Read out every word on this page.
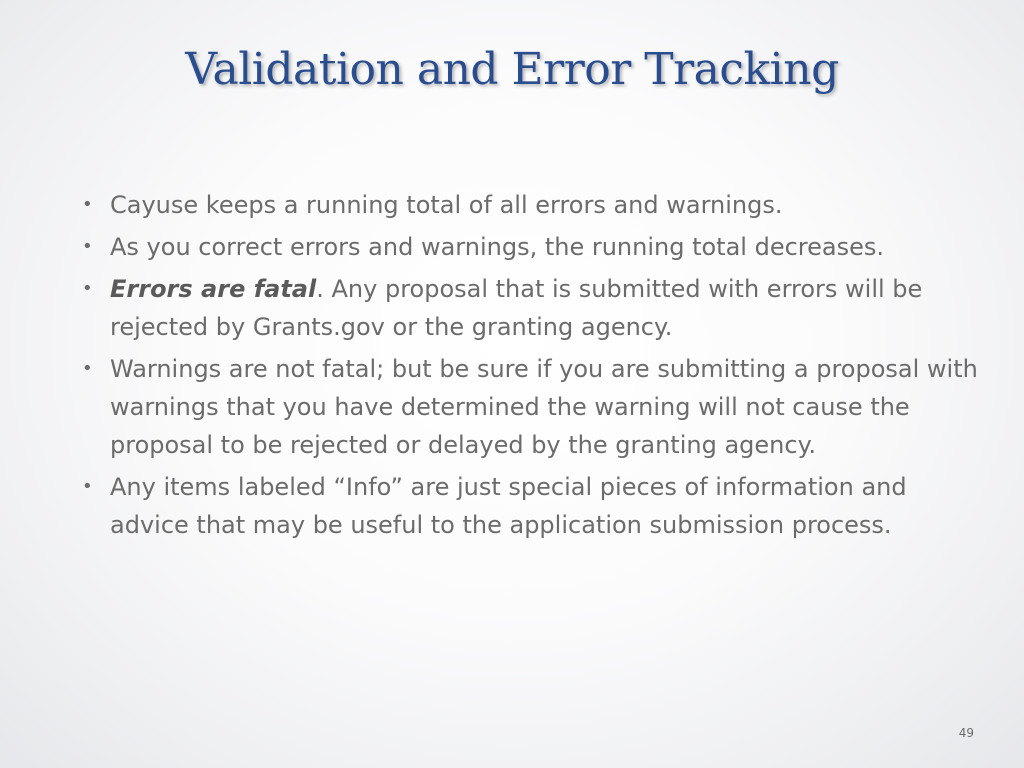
Validation and Error Tracking
• Cayuse keeps a running total of all errors and warnings.
• As you correct errors and warnings, the running total decreases.
• Errors are fatal. Any proposal that is submitted with errors will be rejected by Grants.gov or the granting agency.
• Warnings are not fatal; but be sure if you are submitting a proposal with warnings that you have determined the warning will not cause the proposal to be rejected or delayed by the granting agency.
• Any items labeled “Info” are just special pieces of information and advice that may be useful to the application submission process.
49
